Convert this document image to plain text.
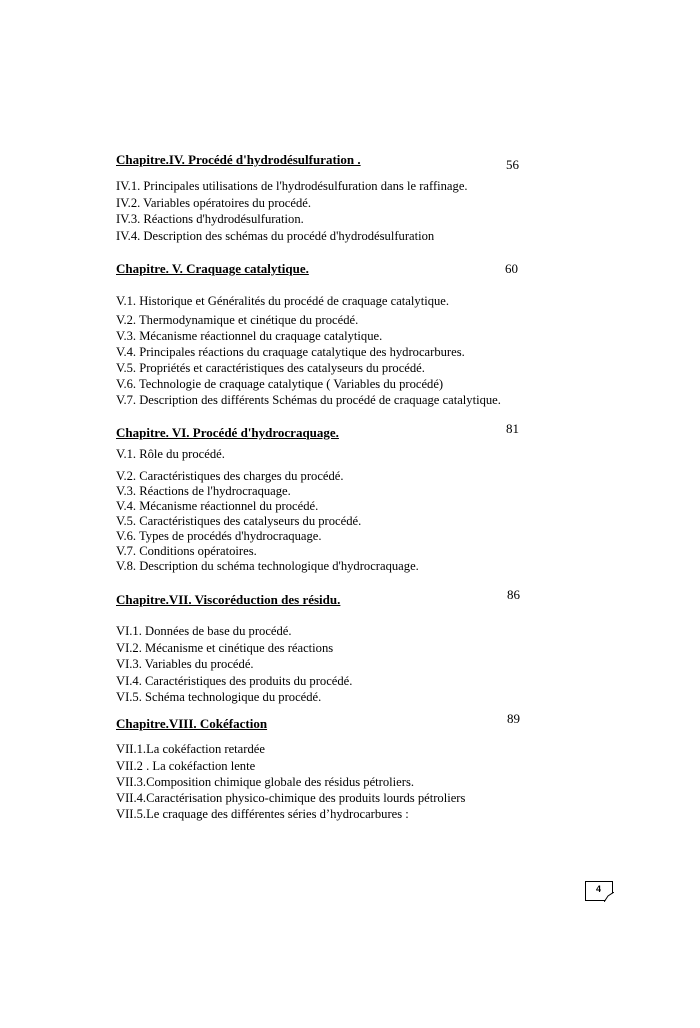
Chapitre.IV. Procédé d'hydrodésulfuration .	56
IV.1. Principales utilisations de l'hydrodésulfuration dans le raffinage.
IV.2. Variables opératoires du procédé.
IV.3. Réactions d'hydrodésulfuration.
IV.4. Description des schémas du procédé d'hydrodésulfuration
Chapitre. V. Craquage catalytique.	60
V.1. Historique et Généralités du procédé de craquage catalytique.
V.2. Thermodynamique et cinétique du procédé.
V.3. Mécanisme réactionnel du craquage catalytique.
V.4. Principales réactions du craquage catalytique des hydrocarbures.
V.5. Propriétés et caractéristiques des catalyseurs du procédé.
V.6. Technologie de craquage catalytique ( Variables du procédé)
V.7. Description des différents Schémas du procédé de craquage catalytique.
Chapitre. VI. Procédé d'hydrocraquage.	81
V.1. Rôle du procédé.
V.2. Caractéristiques des charges du procédé.
V.3. Réactions de l'hydrocraquage.
V.4. Mécanisme réactionnel du procédé.
V.5. Caractéristiques des catalyseurs du procédé.
V.6. Types de procédés d'hydrocraquage.
V.7. Conditions opératoires.
V.8. Description du schéma technologique d'hydrocraquage.
Chapitre.VII. Viscoréduction des résidu.	86
VI.1. Données de base du procédé.
VI.2. Mécanisme et cinétique des réactions
VI.3. Variables du procédé.
VI.4. Caractéristiques des produits du procédé.
VI.5. Schéma technologique du procédé.
Chapitre.VIII. Cokéfaction	89
VII.1.La cokéfaction retardée
VII.2 . La cokéfaction lente
VII.3.Composition chimique globale des résidus pétroliers.
VII.4.Caractérisation physico-chimique des produits lourds pétroliers
VII.5.Le craquage des différentes séries d’hydrocarbures :
4
